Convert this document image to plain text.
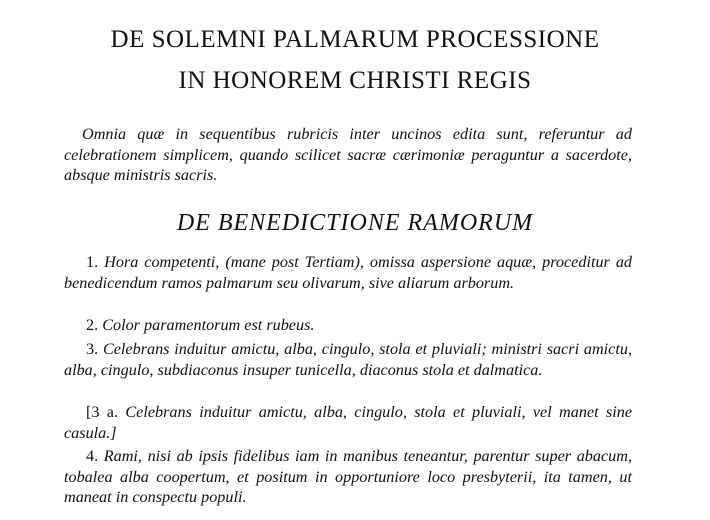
DE SOLEMNI PALMARUM PROCESSIONE
IN HONOREM CHRISTI REGIS
Omnia quæ in sequentibus rubricis inter uncinos edita sunt, referuntur ad celebrationem simplicem, quando scilicet sacræ cærimoniæ peraguntur a sacerdote, absque ministris sacris.
DE BENEDICTIONE RAMORUM
1. Hora competenti, (mane post Tertiam), omissa aspersione aquæ, proceditur ad benedicendum ramos palmarum seu olivarum, sive aliarum arborum.
2. Color paramentorum est rubeus.
3. Celebrans induitur amictu, alba, cingulo, stola et pluviali; ministri sacri amictu, alba, cingulo, subdiaconus insuper tunicella, diaconus stola et dalmatica.
[3 a. Celebrans induitur amictu, alba, cingulo, stola et pluviali, vel manet sine casula.]
4. Rami, nisi ab ipsis fidelibus iam in manibus teneantur, parentur super abacum, tobalea alba coopertum, et positum in opportuniore loco presbyterii, ita tamen, ut maneat in conspectu populi.
